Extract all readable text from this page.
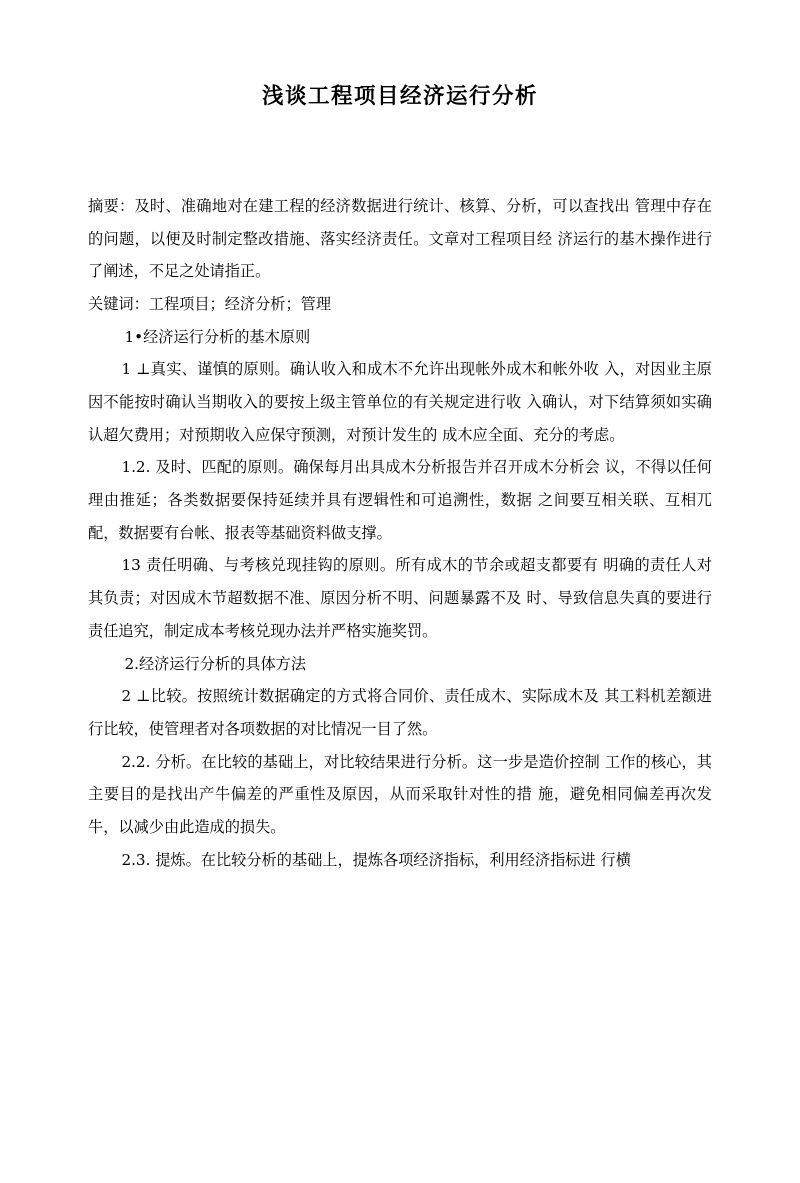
浅谈工程项目经济运行分析

摘要：及时、准确地对在建工程的经济数据进行统计、核算、分析，可以查找出 管理中存在的问题，以便及时制定整改措施、落实经济责任。文章对工程项目经 济运行的基木操作进行了阐述，不足之处请指正。

关键词：工程项目；经济分析；管理

1•经济运行分析的基木原则

1 ⊥真实、谨慎的原则。确认收入和成木不允许出现帐外成木和帐外收 入，对因业主原因不能按时确认当期收入的要按上级主管单位的有关规定进行收 入确认，对下结算须如实确认超欠费用；对预期收入应保守预测，对预计发生的 成木应全面、充分的考虑。

1.2. 及时、匹配的原则。确保每月出具成木分析报告并召开成木分析会 议，不得以任何理由推延；各类数据要保持延续并具有逻辑性和可追溯性，数据 之间要互相关联、互相兀配，数据要有台帐、报表等基础资料做支撑。

13 责任明确、与考核兑现挂钩的原则。所有成木的节余或超支都要有 明确的责任人对其负责；对因成木节超数据不准、原因分析不明、问题暴露不及 时、导致信息失真的要进行责任追究，制定成本考核兑现办法并严格实施奖罚。

2.经济运行分析的具体方法

2 ⊥比较。按照统计数据确定的方式将合同价、责任成木、实际成木及 其工料机差额进行比较，使管理者对各项数据的对比情况一目了然。

2.2. 分析。在比较的基础上，对比较结果进行分析。这一步是造价控制 工作的核心，其主要目的是找出产牛偏差的严重性及原因，从而采取针对性的措 施，避免相同偏差再次发牛，以减少由此造成的损失。

2.3. 提炼。在比较分析的基础上，提炼各项经济指标，利用经济指标进 行横
